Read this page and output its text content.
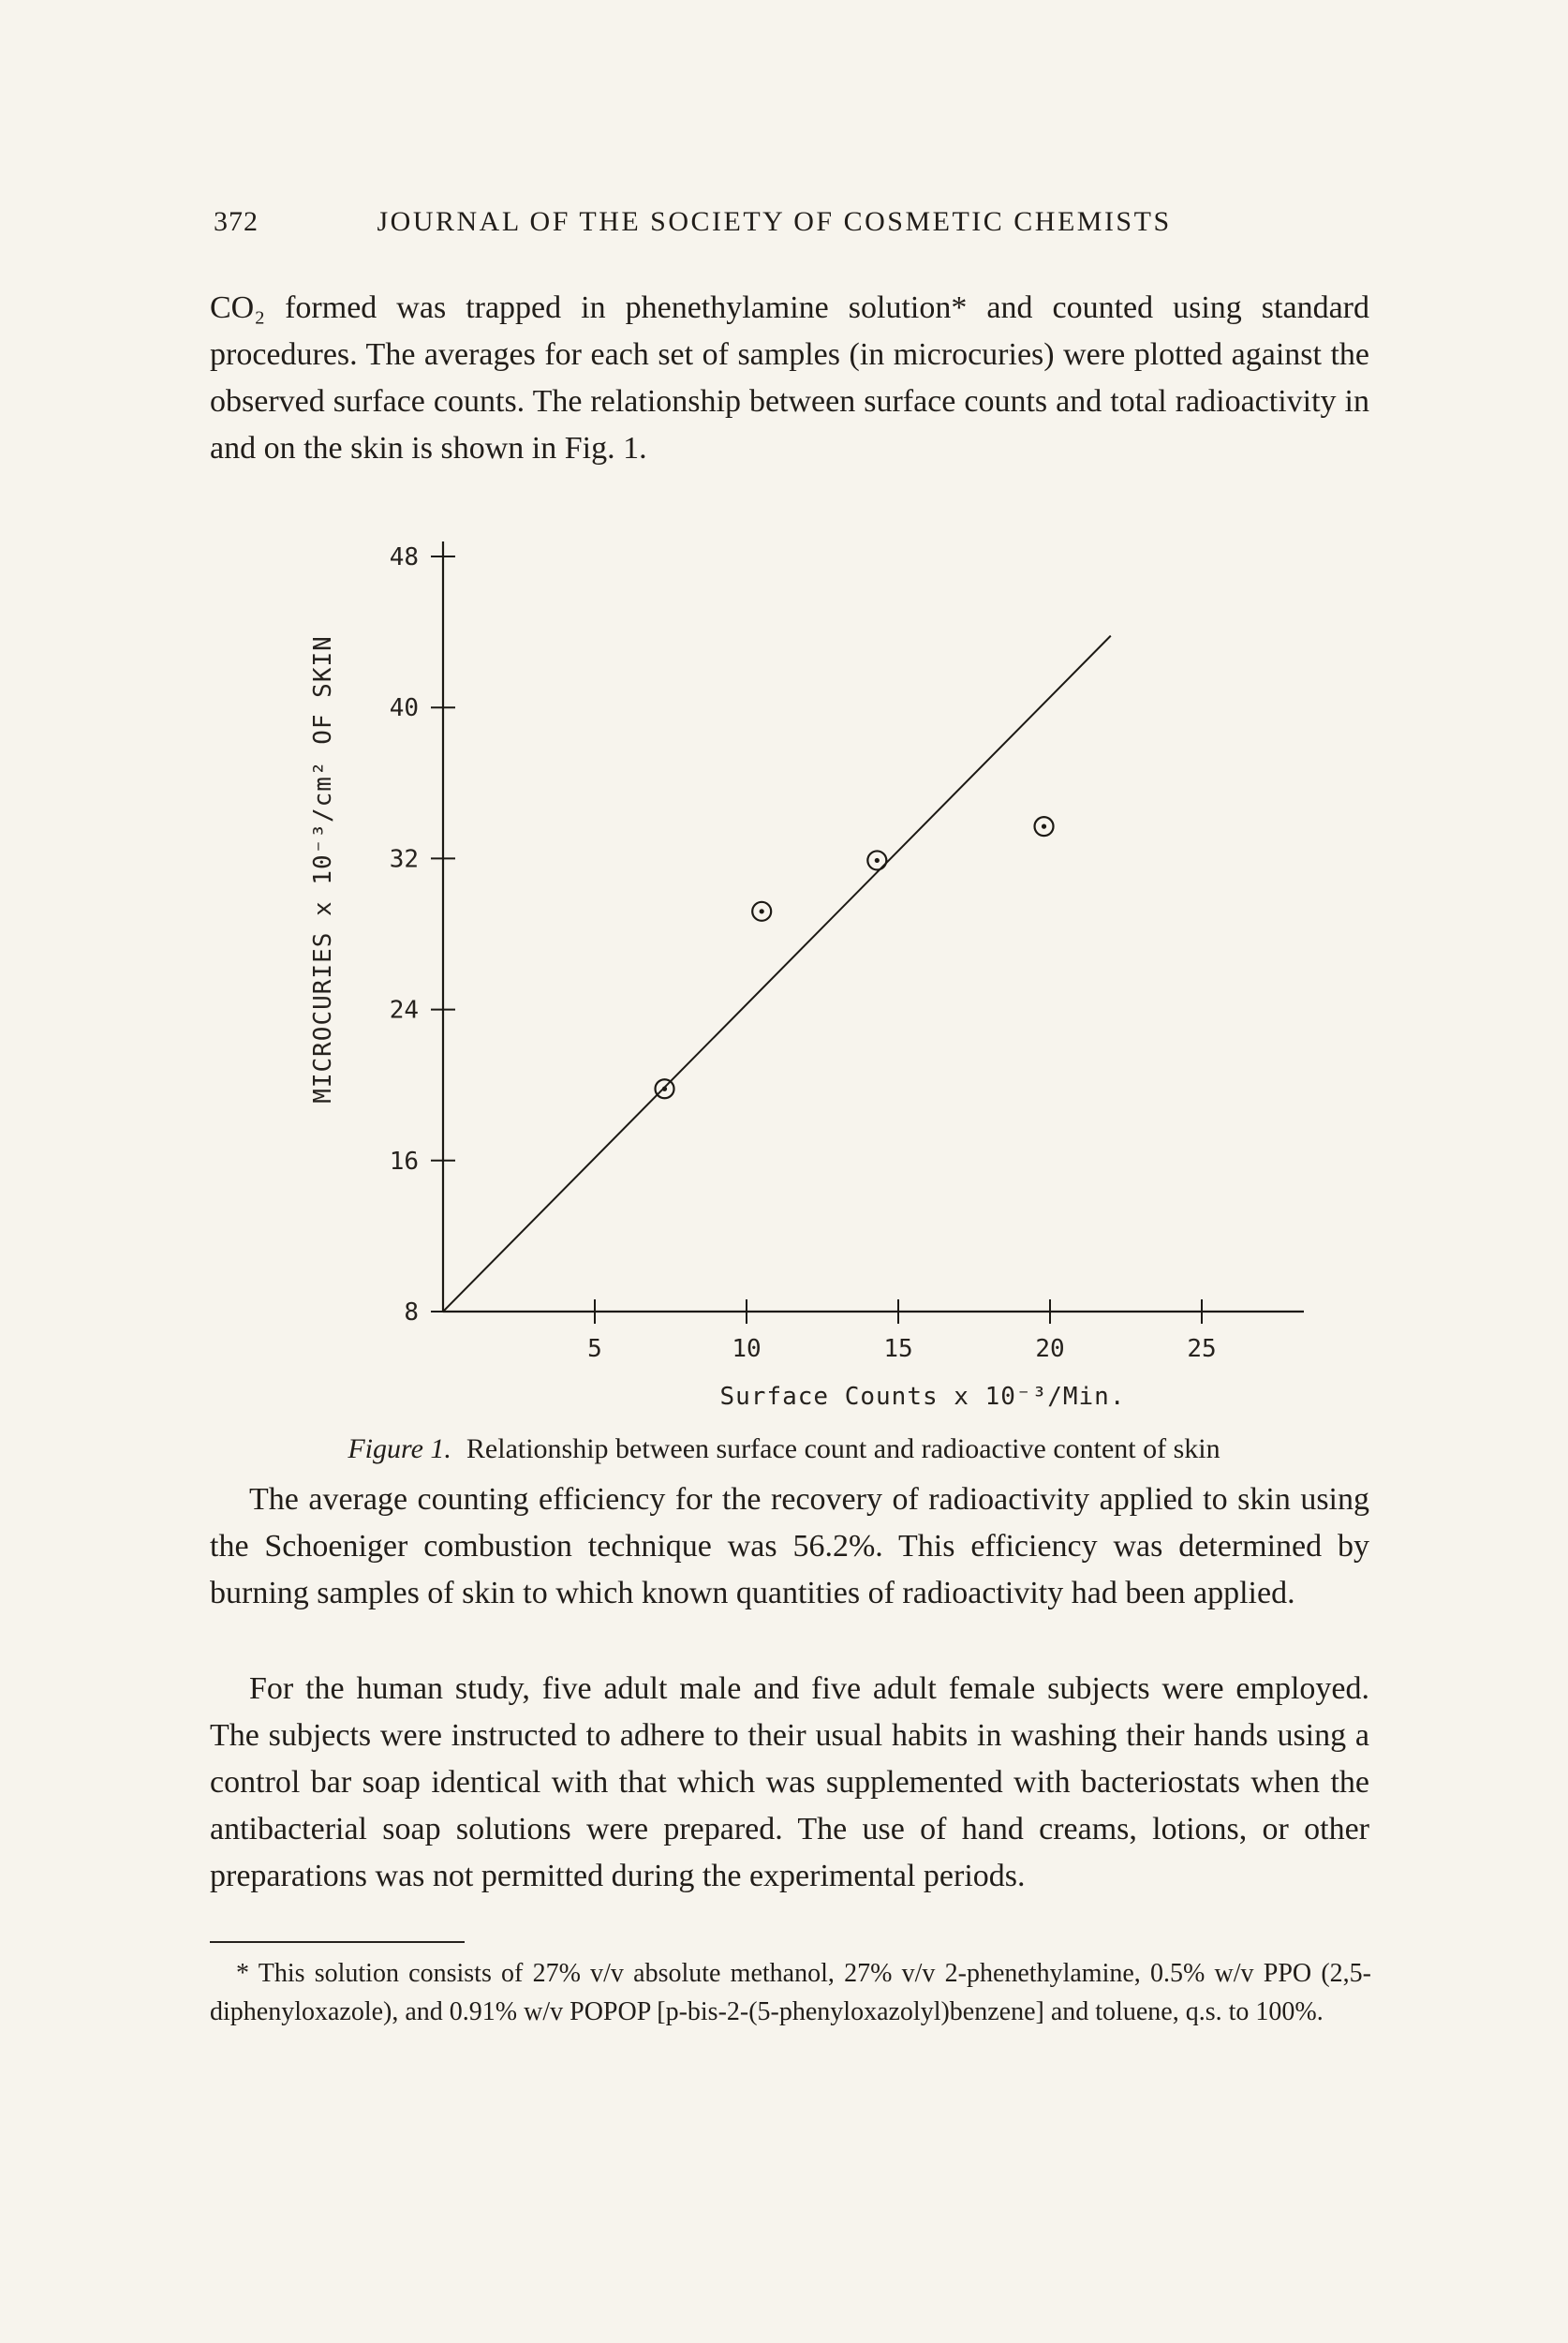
372	JOURNAL OF THE SOCIETY OF COSMETIC CHEMISTS

CO₂ formed was trapped in phenethylamine solution* and counted using standard procedures. The averages for each set of samples (in microcuries) were plotted against the observed surface counts. The relationship between surface counts and total radioactivity in and on the skin is shown in Fig. 1.

8
16
24
32
40
48
5	10	15	20	25
MICROCURIES x 10⁻³/cm² OF SKIN
Surface Counts x 10⁻³/Min.
Figure 1. Relationship between surface count and radioactive content of skin

The average counting efficiency for the recovery of radioactivity applied to skin using the Schoeniger combustion technique was 56.2%. This efficiency was determined by burning samples of skin to which known quantities of radioactivity had been applied.

For the human study, five adult male and five adult female subjects were employed. The subjects were instructed to adhere to their usual habits in washing their hands using a control bar soap identical with that which was supplemented with bacteriostats when the antibacterial soap solutions were prepared. The use of hand creams, lotions, or other preparations was not permitted during the experimental periods.

* This solution consists of 27% v/v absolute methanol, 27% v/v 2-phenethylamine, 0.5% w/v PPO (2,5-diphenyloxazole), and 0.91% w/v POPOP [p-bis-2-(5-phenyloxazolyl)benzene] and toluene, q.s. to 100%.
